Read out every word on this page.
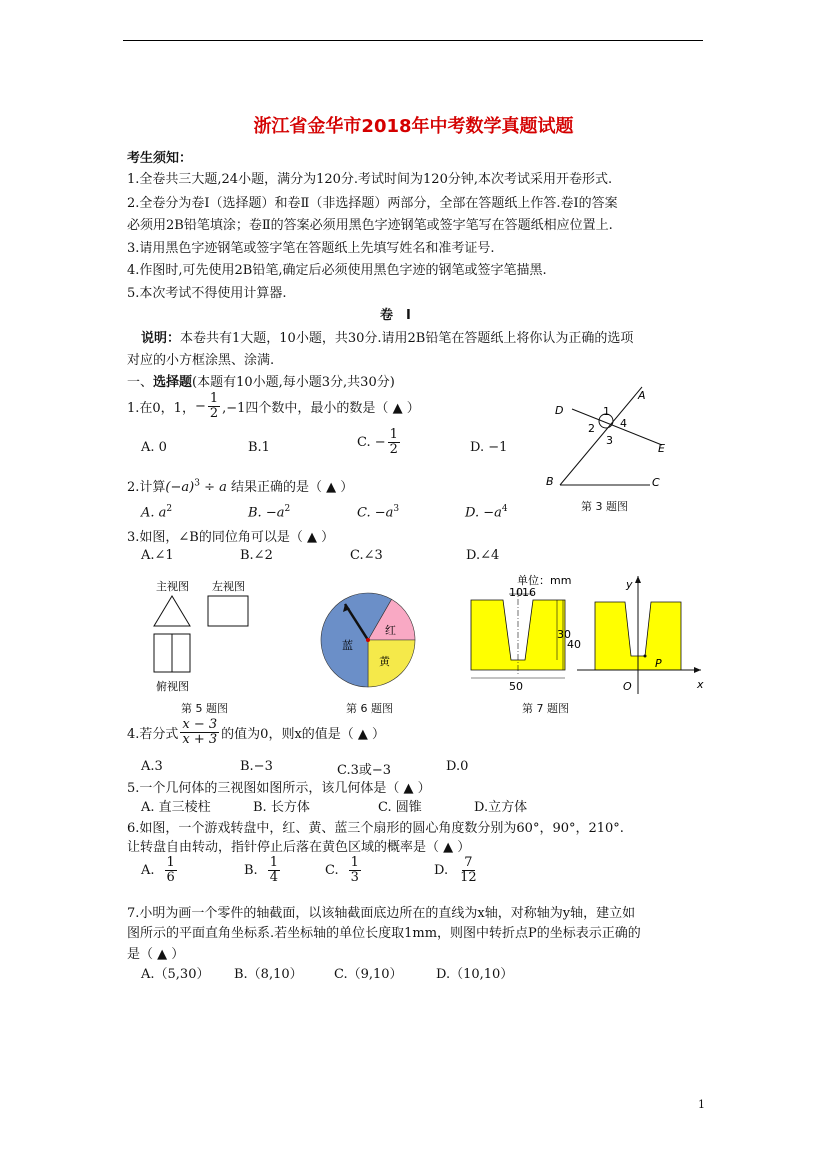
浙江省金华市2018年中考数学真题试题
考生须知：
1.全卷共三大题,24小题，满分为120分.考试时间为120分钟,本次考试采用开卷形式.
2.全卷分为卷Ⅰ（选择题）和卷Ⅱ（非选择题）两部分，全部在答题纸上作答.卷Ⅰ的答案
必须用2B铅笔填涂；卷Ⅱ的答案必须用黑色字迹钢笔或签字笔写在答题纸相应位置上.
3.请用黑色字迹钢笔或签字笔在答题纸上先填写姓名和准考证号.
4.作图时,可先使用2B铅笔,确定后必须使用黑色字迹的钢笔或签字笔描黑.
5.本次考试不得使用计算器.
卷　Ⅰ
说明：本卷共有1大题，10小题，共30分.请用2B铅笔在答题纸上将你认为正确的选项
对应的小方框涂黑、涂满.
一、选择题(本题有10小题,每小题3分,共30分)
1.在0，1， − $\frac{1}{2} ,-1$四个数中，最小的数是（ ▲ ）
A. 0	B.1	C. − $\frac{1}{2}$	D. −1
2.计算$(-a)^3 \div a$ 结果正确的是（ ▲ ）
A. $a^2$	B. $-a^2$	C. $-a^3$	D. $-a^4$
3.如图，∠B的同位角可以是（ ▲ ）
A.∠1	B.∠2	C.∠3	D.∠4
A
D
E
B	C
1
2
3
4
第 3 题图
主视图 左视图
俯视图
第 5 题图
红
黄
蓝
第 6 题图
单位：mm
10 16
30
40
50
y
x
O
P
第 7 题图
4.若分式 $\frac{x - 3}{x + 3}$ 的值为0，则x的值是（ ▲ ）
A.3	B.−3	C.3或−3	D.0
5.一个几何体的三视图如图所示，该几何体是（ ▲ ）
A. 直三棱柱	B. 长方体	C. 圆锥	D.立方体
6.如图，一个游戏转盘中，红、黄、蓝三个扇形的圆心角度数分别为60°，90°，210°.
让转盘自由转动，指针停止后落在黄色区域的概率是（ ▲ ）
A. $\frac{1}{6}$	B. $\frac{1}{4}$	C. $\frac{1}{3}$	D. $\frac{7}{12}$
7.小明为画一个零件的轴截面，以该轴截面底边所在的直线为x轴，对称轴为y轴，建立如
图所示的平面直角坐标系.若坐标轴的单位长度取1mm，则图中转折点P的坐标表示正确的
是（ ▲ ）
A.（5,30） B.（8,10） C.（9,10）	D.（10,10）
1
